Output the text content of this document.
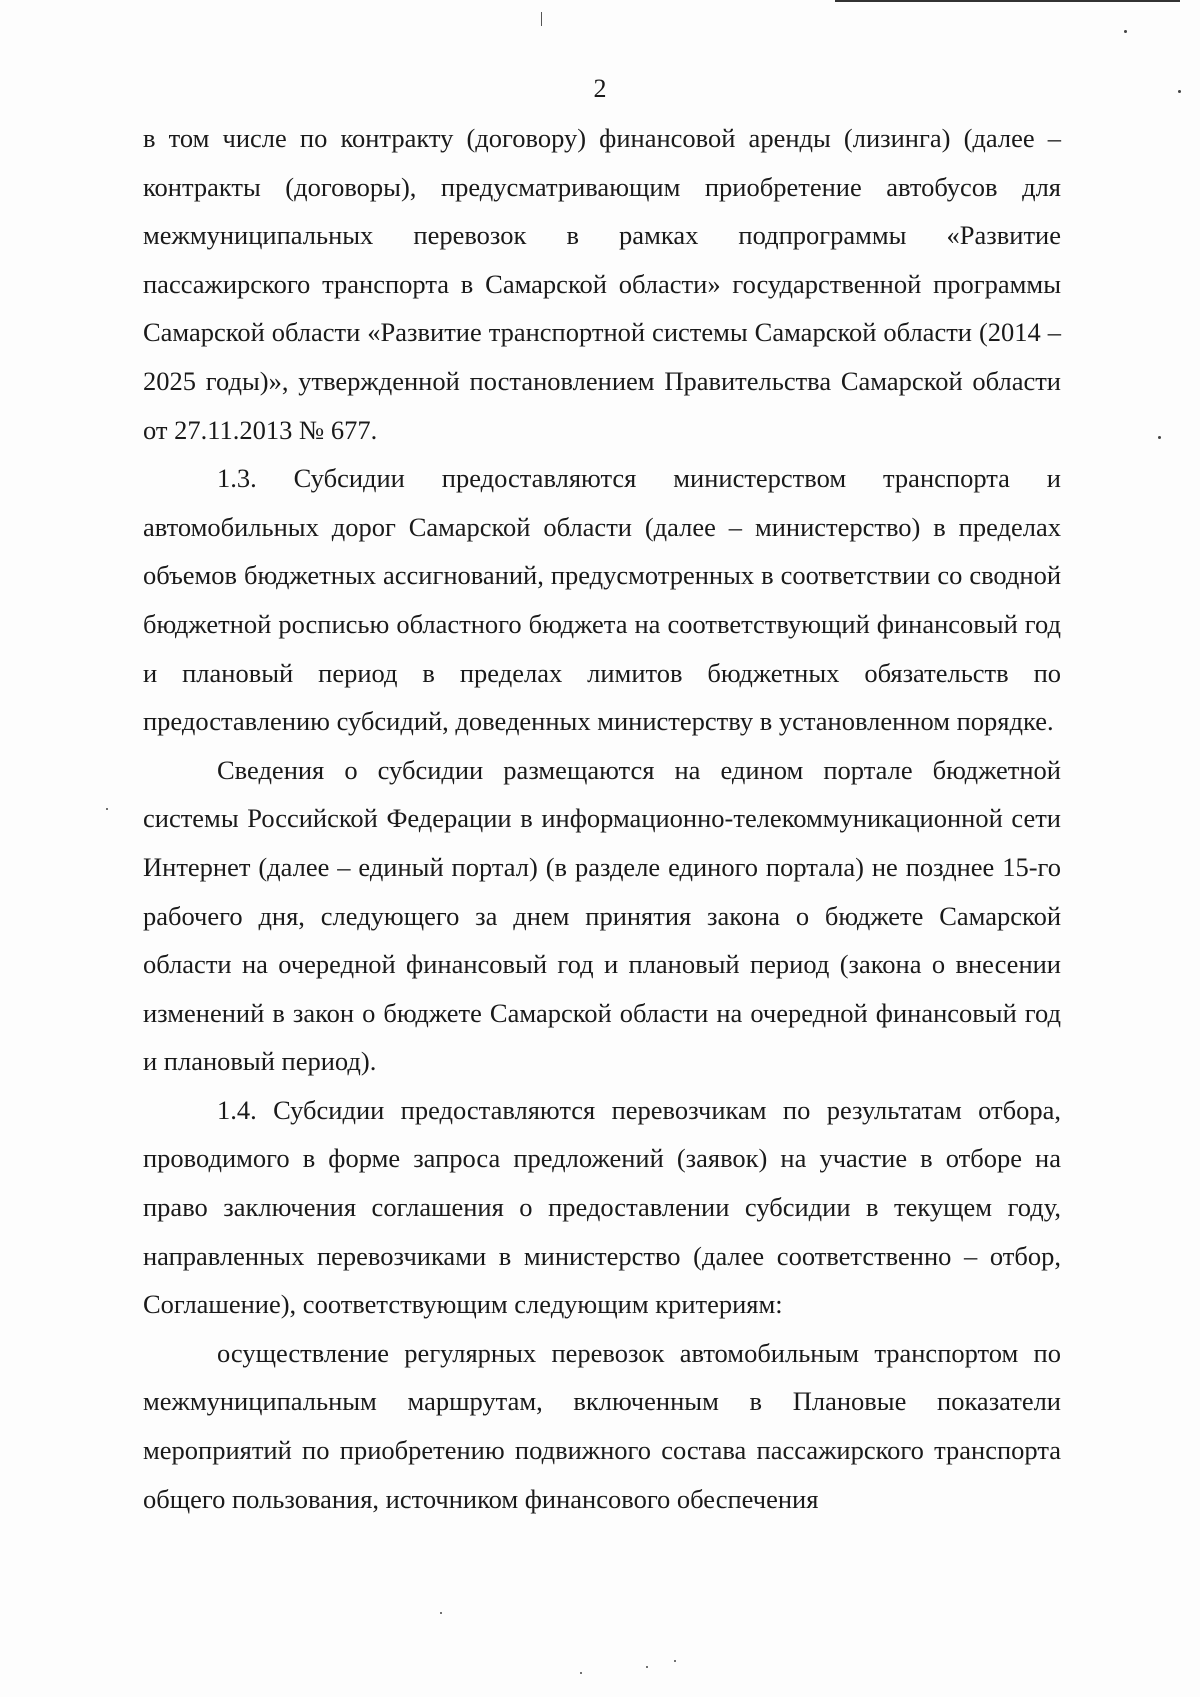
2

в том числе по контракту (договору) финансовой аренды (лизинга) (далее – контракты (договоры), предусматривающим приобретение автобусов для межмуниципальных перевозок в рамках подпрограммы «Развитие пассажирского транспорта в Самарской области» государственной программы Самарской области «Развитие транспортной системы Самарской области (2014 – 2025 годы)», утвержденной постановлением Правительства Самарской области от 27.11.2013 № 677.

1.3. Субсидии предоставляются министерством транспорта и автомобильных дорог Самарской области (далее – министерство) в пределах объемов бюджетных ассигнований, предусмотренных в соответствии со сводной бюджетной росписью областного бюджета на соответствующий финансовый год и плановый период в пределах лимитов бюджетных обязательств по предоставлению субсидий, доведенных министерству в установленном порядке.

Сведения о субсидии размещаются на едином портале бюджетной системы Российской Федерации в информационно-телекоммуникационной сети Интернет (далее – единый портал) (в разделе единого портала) не позднее 15-го рабочего дня, следующего за днем принятия закона о бюджете Самарской области на очередной финансовый год и плановый период (закона о внесении изменений в закон о бюджете Самарской области на очередной финансовый год и плановый период).

1.4. Субсидии предоставляются перевозчикам по результатам отбора, проводимого в форме запроса предложений (заявок) на участие в отборе на право заключения соглашения о предоставлении субсидии в текущем году, направленных перевозчиками в министерство (далее соответственно – отбор, Соглашение), соответствующим следующим критериям:

осуществление регулярных перевозок автомобильным транспортом по межмуниципальным маршрутам, включенным в Плановые показатели мероприятий по приобретению подвижного состава пассажирского транспорта общего пользования, источником финансового обеспечения
